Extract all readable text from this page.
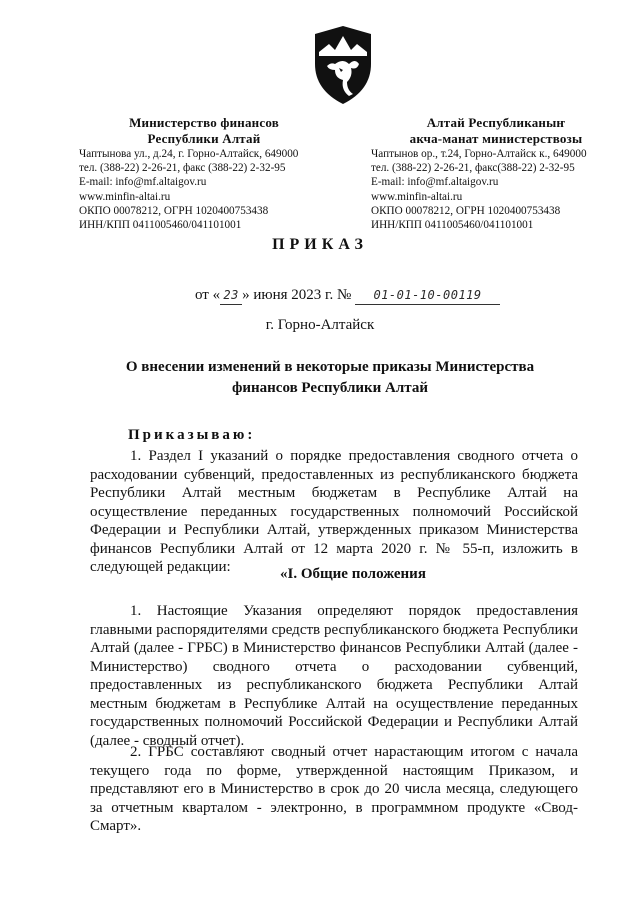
Министерство финансов
Республики Алтай
Чаптынова ул., д.24, г. Горно-Алтайск, 649000
тел. (388-22) 2-26-21, факс (388-22) 2-32-95
E-mail: info@mf.altaigov.ru
www.minfin-altai.ru
ОКПО 00078212, ОГРН 1020400753438
ИНН/КПП 0411005460/041101001
Алтай Республиканыҥ
акча-манат министерствозы
Чаптынов ор., т.24, Горно-Алтайск к., 649000
тел. (388-22) 2-26-21, факс(388-22) 2-32-95
E-mail: info@mf.altaigov.ru
www.minfin-altai.ru
ОКПО 00078212, ОГРН 1020400753438
ИНН/КПП 0411005460/041101001
ПРИКАЗ
от « 23 » июня 2023 г. № 01-01-10-00119
г. Горно-Алтайск
О внесении изменений в некоторые приказы Министерства финансов Республики Алтай
Приказываю:
1. Раздел I указаний о порядке предоставления сводного отчета о расходовании субвенций, предоставленных из республиканского бюджета Республики Алтай местным бюджетам в Республике Алтай на осуществление переданных государственных полномочий Российской Федерации и Республики Алтай, утвержденных приказом Министерства финансов Республики Алтай от 12 марта 2020 г. № 55-п, изложить в следующей редакции:	«I. Общие положения
1. Настоящие Указания определяют порядок предоставления главными распорядителями средств республиканского бюджета Республики Алтай (далее - ГРБС) в Министерство финансов Республики Алтай (далее - Министерство) сводного отчета о расходовании субвенций, предоставленных из республиканского бюджета Республики Алтай местным бюджетам в Республике Алтай на осуществление переданных государственных полномочий Российской Федерации и Республики Алтай (далее - сводный отчет).
2. ГРБС составляют сводный отчет нарастающим итогом с начала текущего года по форме, утвержденной настоящим Приказом, и представляют его в Министерство в срок до 20 числа месяца, следующего за отчетным кварталом - электронно, в программном продукте «Свод-Смарт».
